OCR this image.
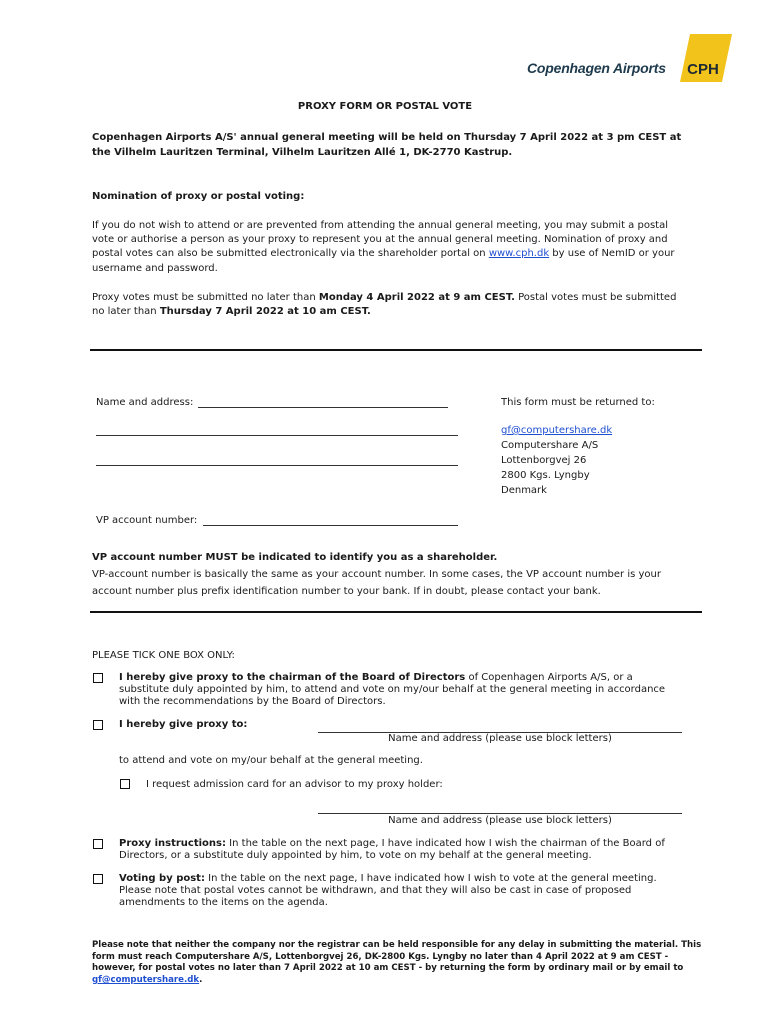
Copenhagen Airports CPH
PROXY FORM OR POSTAL VOTE
Copenhagen Airports A/S' annual general meeting will be held on Thursday 7 April 2022 at 3 pm CEST at
the Vilhelm Lauritzen Terminal, Vilhelm Lauritzen Allé 1, DK-2770 Kastrup.
Nomination of proxy or postal voting:
If you do not wish to attend or are prevented from attending the annual general meeting, you may submit a postal
vote or authorise a person as your proxy to represent you at the annual general meeting. Nomination of proxy and
postal votes can also be submitted electronically via the shareholder portal on www.cph.dk by use of NemID or your
username and password.
Proxy votes must be submitted no later than Monday 4 April 2022 at 9 am CEST. Postal votes must be submitted
no later than Thursday 7 April 2022 at 10 am CEST.
Name and address:
VP account number:
This form must be returned to:
gf@computershare.dk
Computershare A/S
Lottenborgvej 26
2800 Kgs. Lyngby
Denmark
VP account number MUST be indicated to identify you as a shareholder.
VP-account number is basically the same as your account number. In some cases, the VP account number is your
account number plus prefix identification number to your bank. If in doubt, please contact your bank.
PLEASE TICK ONE BOX ONLY:
I hereby give proxy to the chairman of the Board of Directors of Copenhagen Airports A/S, or a
substitute duly appointed by him, to attend and vote on my/our behalf at the general meeting in accordance
with the recommendations by the Board of Directors.
I hereby give proxy to:
Name and address (please use block letters)
to attend and vote on my/our behalf at the general meeting.
I request admission card for an advisor to my proxy holder:
Name and address (please use block letters)
Proxy instructions: In the table on the next page, I have indicated how I wish the chairman of the Board of
Directors, or a substitute duly appointed by him, to vote on my behalf at the general meeting.
Voting by post: In the table on the next page, I have indicated how I wish to vote at the general meeting.
Please note that postal votes cannot be withdrawn, and that they will also be cast in case of proposed
amendments to the items on the agenda.
Please note that neither the company nor the registrar can be held responsible for any delay in submitting the material. This
form must reach Computershare A/S, Lottenborgvej 26, DK-2800 Kgs. Lyngby no later than 4 April 2022 at 9 am CEST -
however, for postal votes no later than 7 April 2022 at 10 am CEST - by returning the form by ordinary mail or by email to
gf@computershare.dk.
